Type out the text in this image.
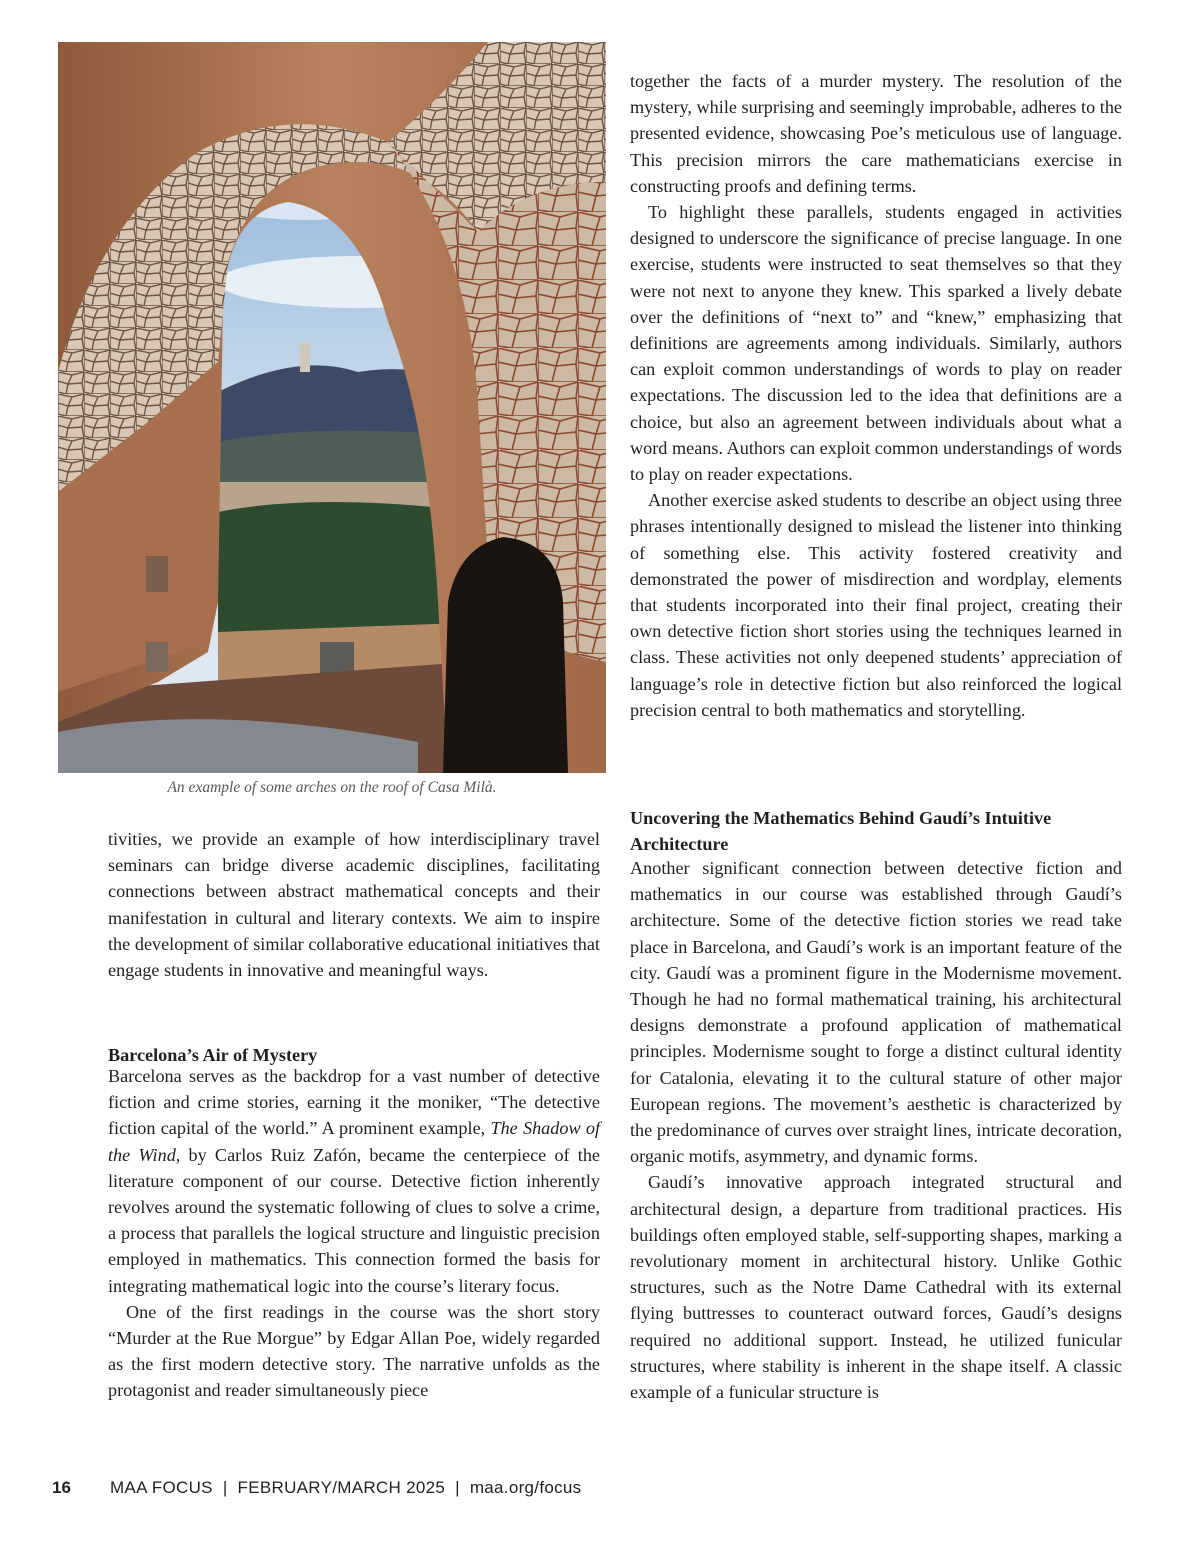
An example of some arches on the roof of Casa Milà.

tivities, we provide an example of how interdisciplinary travel seminars can bridge diverse academic disciplines, facilitating connections between abstract mathematical concepts and their manifestation in cultural and literary contexts. We aim to inspire the development of similar collaborative educational initiatives that engage students in innovative and meaningful ways.

Barcelona’s Air of Mystery

Barcelona serves as the backdrop for a vast number of detective fiction and crime stories, earning it the moniker, “The detective fiction capital of the world.” A prominent example, The Shadow of the Wind, by Carlos Ruiz Zafón, became the centerpiece of the literature component of our course. Detective fiction inherently revolves around the systematic following of clues to solve a crime, a process that parallels the logical structure and linguistic precision employed in mathematics. This connection formed the basis for integrating mathematical logic into the course’s literary focus.

One of the first readings in the course was the short story “Murder at the Rue Morgue” by Edgar Allan Poe, widely regarded as the first modern detective story. The narrative unfolds as the protagonist and reader simultaneously piece

together the facts of a murder mystery. The resolution of the mystery, while surprising and seemingly improbable, adheres to the presented evidence, showcasing Poe’s meticulous use of language. This precision mirrors the care mathematicians exercise in constructing proofs and defining terms.

To highlight these parallels, students engaged in activities designed to underscore the significance of precise language. In one exercise, students were instructed to seat themselves so that they were not next to anyone they knew. This sparked a lively debate over the definitions of “next to” and “knew,” emphasizing that definitions are agreements among individuals. Similarly, authors can exploit common understandings of words to play on reader expectations. The discussion led to the idea that definitions are a choice, but also an agreement between individuals about what a word means. Authors can exploit common understandings of words to play on reader expectations.

Another exercise asked students to describe an object using three phrases intentionally designed to mislead the listener into thinking of something else. This activity fostered creativity and demonstrated the power of misdirection and wordplay, elements that students incorporated into their final project, creating their own detective fiction short stories using the techniques learned in class. These activities not only deepened students’ appreciation of language’s role in detective fiction but also reinforced the logical precision central to both mathematics and storytelling.

Uncovering the Mathematics Behind Gaudí’s Intuitive Architecture

Another significant connection between detective fiction and mathematics in our course was established through Gaudí’s architecture. Some of the detective fiction stories we read take place in Barcelona, and Gaudí’s work is an important feature of the city. Gaudí was a prominent figure in the Modernisme movement. Though he had no formal mathematical training, his architectural designs demonstrate a profound application of mathematical principles. Modernisme sought to forge a distinct cultural identity for Catalonia, elevating it to the cultural stature of other major European regions. The movement’s aesthetic is characterized by the predominance of curves over straight lines, intricate decoration, organic motifs, asymmetry, and dynamic forms.

Gaudí’s innovative approach integrated structural and architectural design, a departure from traditional practices. His buildings often employed stable, self-supporting shapes, marking a revolutionary moment in architectural history. Unlike Gothic structures, such as the Notre Dame Cathedral with its external flying buttresses to counteract outward forces, Gaudí’s designs required no additional support. Instead, he utilized funicular structures, where stability is inherent in the shape itself. A classic example of a funicular structure is

16 MAA FOCUS | FEBRUARY/MARCH 2025 | maa.org/focus
